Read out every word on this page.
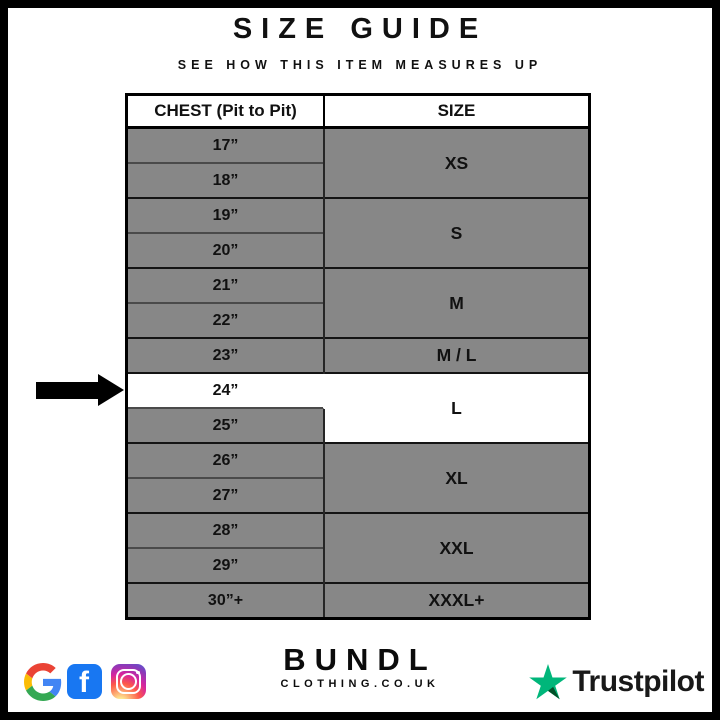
SIZE GUIDE
SEE HOW THIS ITEM MEASURES UP
CHEST (Pit to Pit)	SIZE
17”	XS
18”	
19”	S
20”	
21”	M
22”	
23”	M / L
24”	L
25”	
26”	XL
27”	
28”	XXL
29”	
30”+	XXXL+
f
BUNDL
CLOTHING.CO.UK	Trustpilot
